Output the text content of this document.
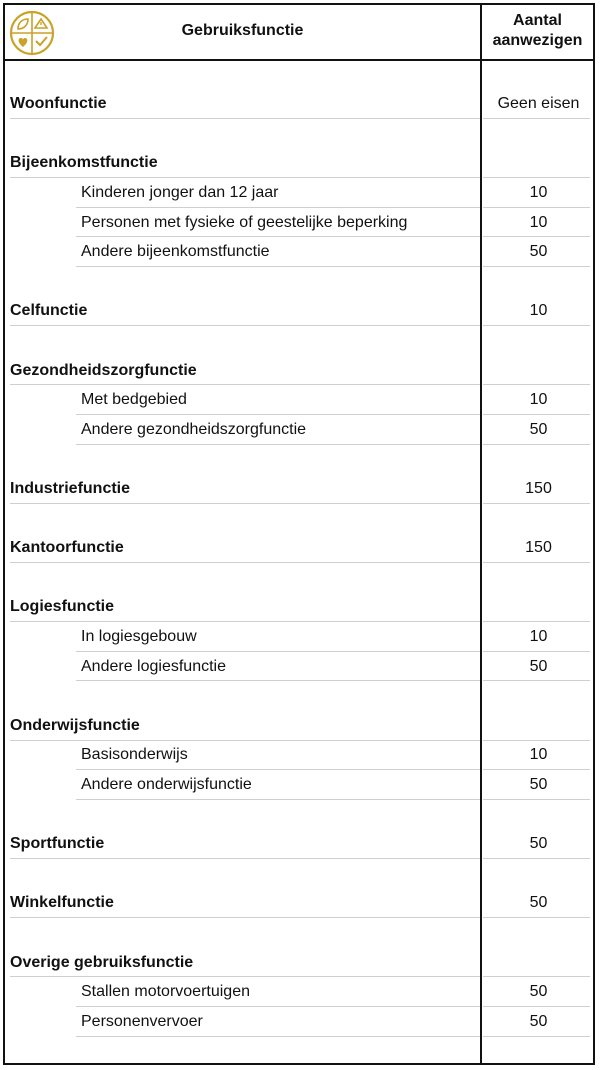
Gebruiksfunctie
Aantal
aanwezigen
Woonfunctie	Geen eisen
Bijeenkomstfunctie
Kinderen jonger dan 12 jaar	10
Personen met fysieke of geestelijke beperking	10
Andere bijeenkomstfunctie	50
Celfunctie	10
Gezondheidszorgfunctie
Met bedgebied	10
Andere gezondheidszorgfunctie	50
Industriefunctie	150
Kantoorfunctie	150
Logiesfunctie
In logiesgebouw	10
Andere logiesfunctie	50
Onderwijsfunctie
Basisonderwijs	10
Andere onderwijsfunctie	50
Sportfunctie	50
Winkelfunctie	50
Overige gebruiksfunctie
Stallen motorvoertuigen	50
Personenvervoer	50
